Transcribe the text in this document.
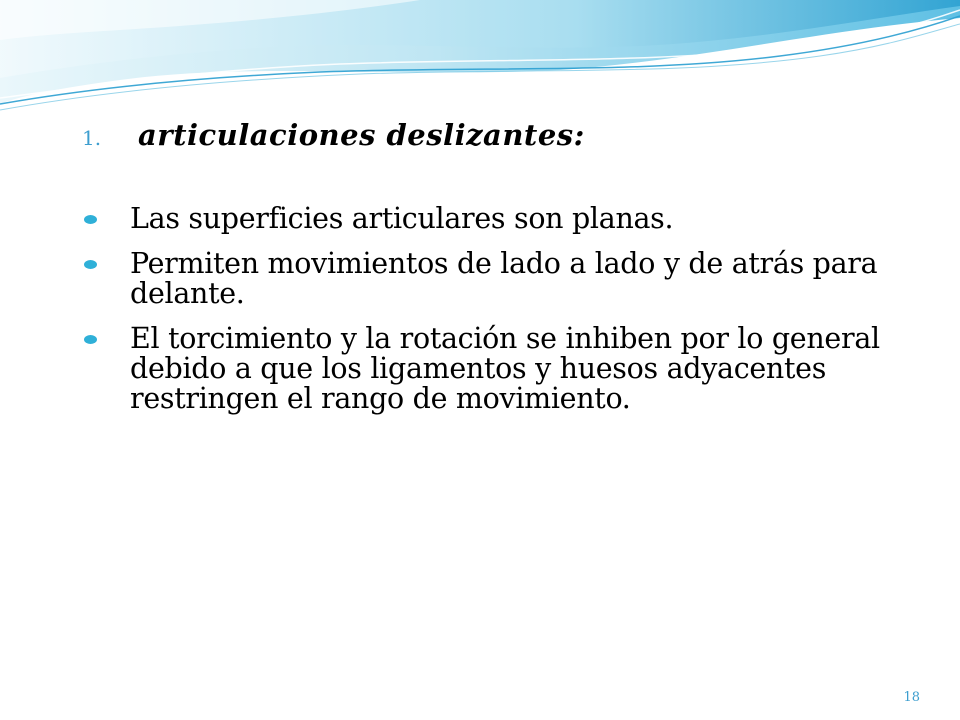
1.	articulaciones deslizantes:
Las superficies articulares son planas.
Permiten movimientos de lado a lado y de atrás para delante.
El torcimiento y la rotación se inhiben por lo general debido a que los ligamentos y huesos adyacentes restringen el rango de movimiento.
18
